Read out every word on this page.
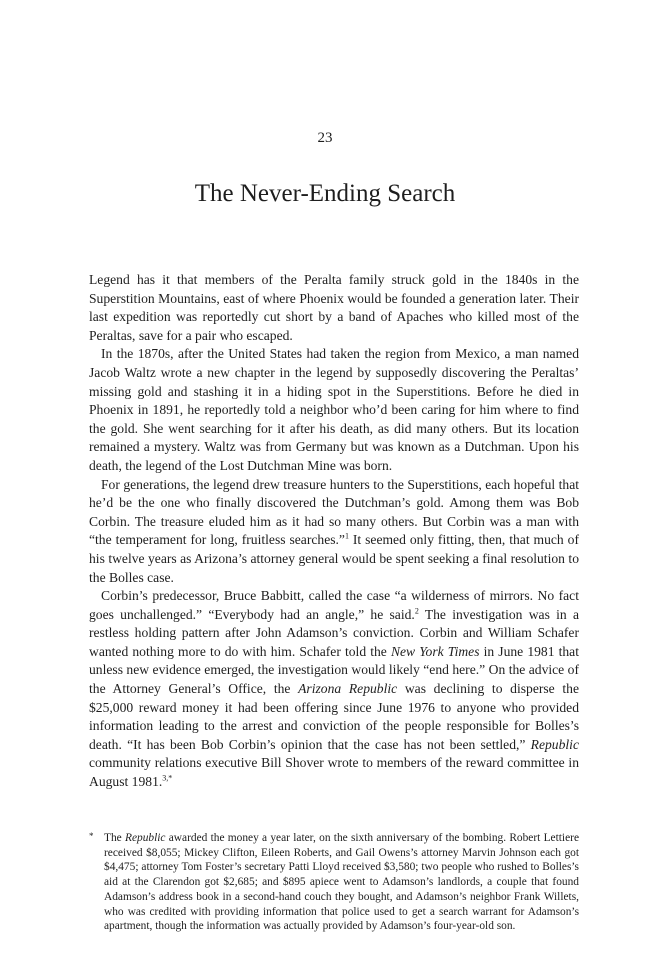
23
The Never-Ending Search

Legend has it that members of the Peralta family struck gold in the 1840s in the Superstition Mountains, east of where Phoenix would be founded a generation later. Their last expedition was reportedly cut short by a band of Apaches who killed most of the Peraltas, save for a pair who escaped.

In the 1870s, after the United States had taken the region from Mexico, a man named Jacob Waltz wrote a new chapter in the legend by supposedly discovering the Peraltas’ missing gold and stashing it in a hiding spot in the Superstitions. Before he died in Phoenix in 1891, he reportedly told a neighbor who’d been caring for him where to find the gold. She went searching for it after his death, as did many others. But its location remained a mystery. Waltz was from Germany but was known as a Dutchman. Upon his death, the legend of the Lost Dutchman Mine was born.

For generations, the legend drew treasure hunters to the Superstitions, each hopeful that he’d be the one who finally discovered the Dutchman’s gold. Among them was Bob Corbin. The treasure eluded him as it had so many others. But Corbin was a man with “the temperament for long, fruitless searches.”$^1$ It seemed only fitting, then, that much of his twelve years as Arizona’s attorney general would be spent seeking a final resolution to the Bolles case.

Corbin’s predecessor, Bruce Babbitt, called the case “a wilderness of mirrors. No fact goes unchallenged.” “Everybody had an angle,” he said.$^2$ The investigation was in a restless holding pattern after John Adamson’s conviction. Corbin and William Schafer wanted nothing more to do with him. Schafer told the New York Times in June 1981 that unless new evidence emerged, the investigation would likely “end here.” On the advice of the Attorney General’s Office, the Arizona Republic was declining to disperse the $25,000 reward money it had been offering since June 1976 to anyone who provided information leading to the arrest and conviction of the people responsible for Bolles’s death. “It has been Bob Corbin’s opinion that the case has not been settled,” Republic community relations executive Bill Shover wrote to members of the reward committee in August 1981.$^{3,*}$

* The Republic awarded the money a year later, on the sixth anniversary of the bombing. Robert Lettiere received $8,055; Mickey Clifton, Eileen Roberts, and Gail Owens’s attorney Marvin Johnson each got $4,475; attorney Tom Foster’s secretary Patti Lloyd received $3,580; two people who rushed to Bolles’s aid at the Clarendon got $2,685; and $895 apiece went to Adamson’s landlords, a couple that found Adamson’s address book in a second-hand couch they bought, and Adamson’s neighbor Frank Willets, who was credited with providing information that police used to get a search warrant for Adamson’s apartment, though the information was actually provided by Adamson’s four-year-old son.
